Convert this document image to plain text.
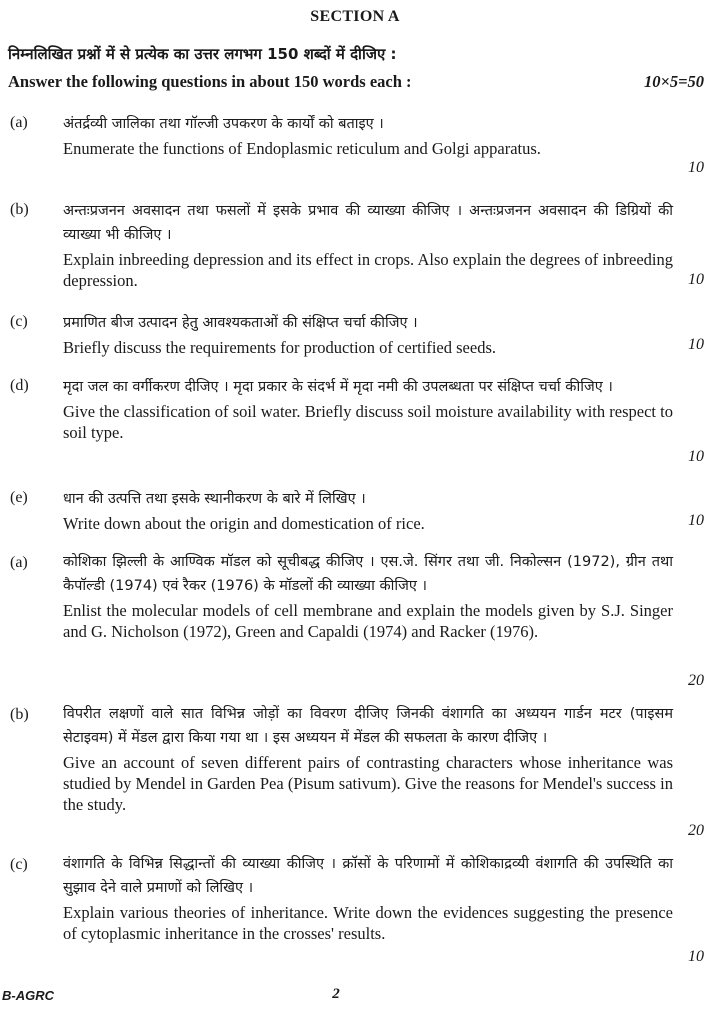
SECTION A
निम्नलिखित प्रश्नों में से प्रत्येक का उत्तर लगभग 150 शब्दों में दीजिए :
Answer the following questions in about 150 words each :	10×5=50
(a) अंतर्द्रव्यी जालिका तथा गॉल्जी उपकरण के कार्यों को बताइए ।
Enumerate the functions of Endoplasmic reticulum and Golgi apparatus.
10
(b) अन्तःप्रजनन अवसादन तथा फसलों में इसके प्रभाव की व्याख्या कीजिए । अन्तःप्रजनन अवसादन की डिग्रियों की व्याख्या भी कीजिए ।
Explain inbreeding depression and its effect in crops. Also explain the degrees of inbreeding depression.	10
(c) प्रमाणित बीज उत्पादन हेतु आवश्यकताओं की संक्षिप्त चर्चा कीजिए ।
Briefly discuss the requirements for production of certified seeds.	10
(d) मृदा जल का वर्गीकरण दीजिए । मृदा प्रकार के संदर्भ में मृदा नमी की उपलब्धता पर संक्षिप्त चर्चा कीजिए ।
Give the classification of soil water. Briefly discuss soil moisture availability with respect to soil type.
10
(e) धान की उत्पत्ति तथा इसके स्थानीकरण के बारे में लिखिए ।
Write down about the origin and domestication of rice.	10
(a) कोशिका झिल्ली के आण्विक मॉडल को सूचीबद्ध कीजिए । एस.जे. सिंगर तथा जी. निकोल्सन (1972), ग्रीन तथा कैपॉल्डी (1974) एवं रैकर (1976) के मॉडलों की व्याख्या कीजिए ।
Enlist the molecular models of cell membrane and explain the models given by S.J. Singer and G. Nicholson (1972), Green and Capaldi (1974) and Racker (1976).
20
(b) विपरीत लक्षणों वाले सात विभिन्न जोड़ों का विवरण दीजिए जिनकी वंशागति का अध्ययन गार्डन मटर (पाइसम सेटाइवम) में मेंडल द्वारा किया गया था । इस अध्ययन में मेंडल की सफलता के कारण दीजिए ।
Give an account of seven different pairs of contrasting characters whose inheritance was studied by Mendel in Garden Pea (Pisum sativum). Give the reasons for Mendel's success in the study.
20
(c) वंशागति के विभिन्न सिद्धान्तों की व्याख्या कीजिए । क्रॉसों के परिणामों में कोशिकाद्रव्यी वंशागति की उपस्थिति का सुझाव देने वाले प्रमाणों को लिखिए ।
Explain various theories of inheritance. Write down the evidences suggesting the presence of cytoplasmic inheritance in the crosses' results.
10
B-AGRC	2
